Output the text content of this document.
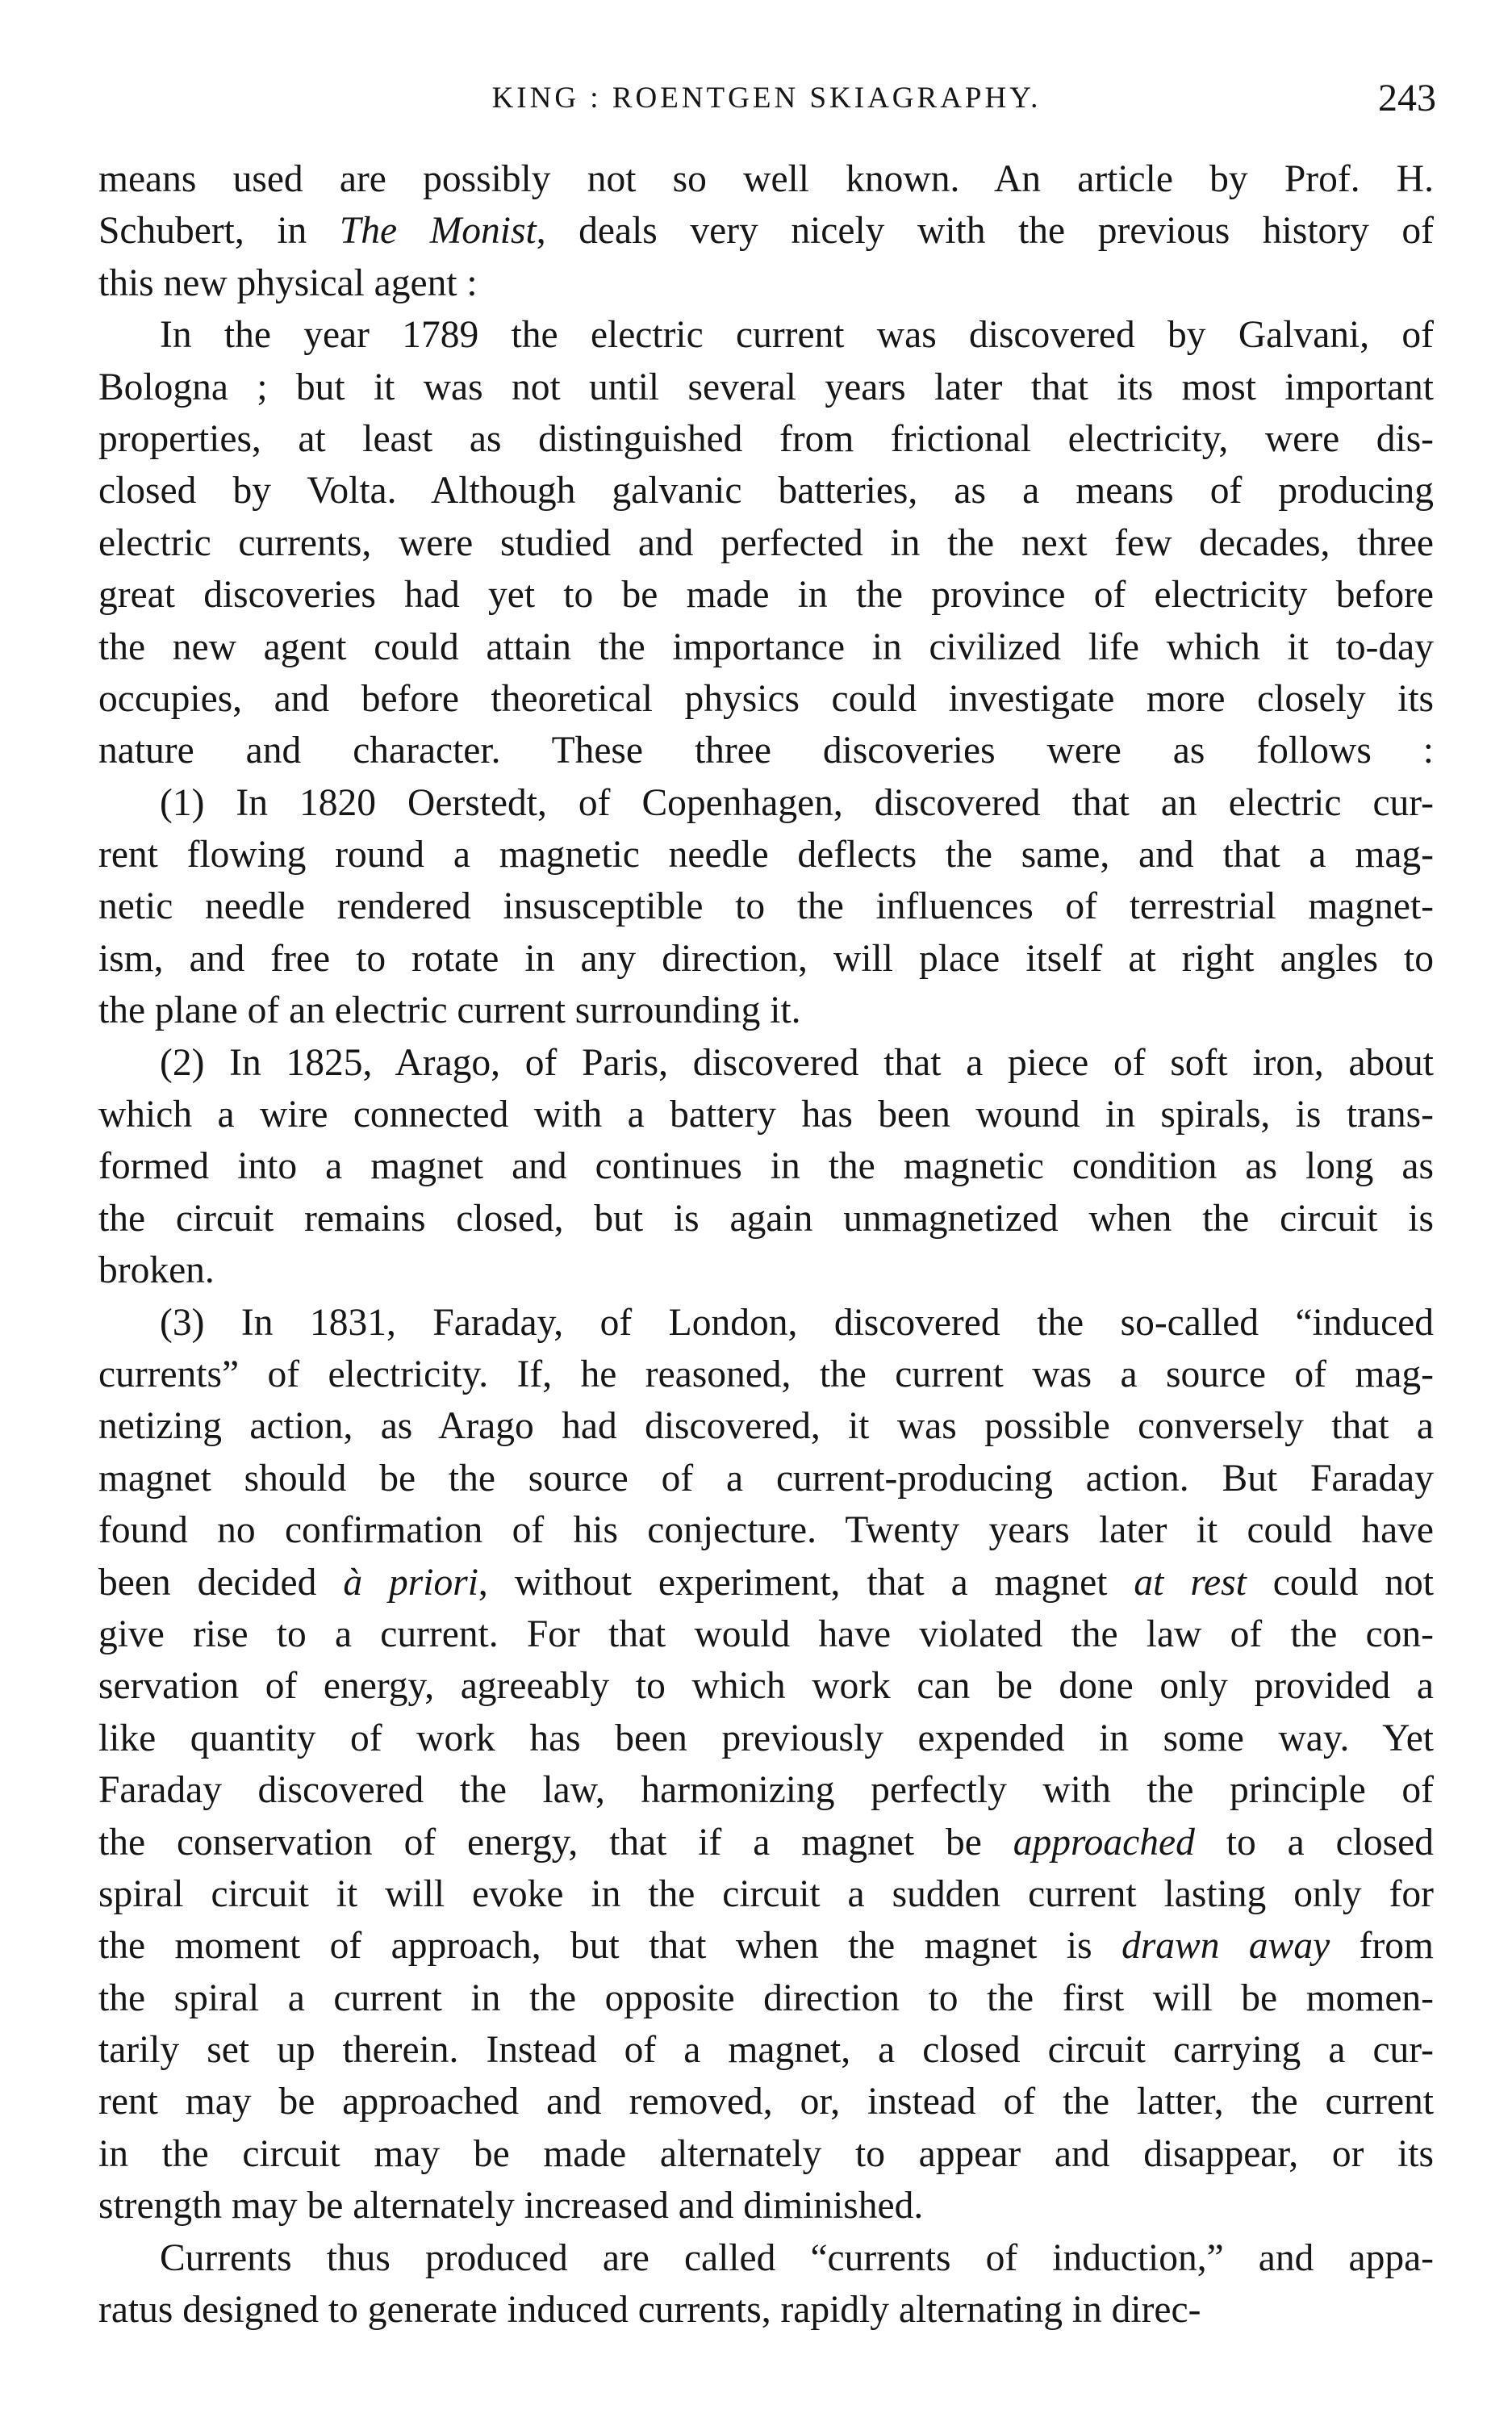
KING : ROENTGEN SKIAGRAPHY.	243
means used are possibly not so well known. An article by Prof. H.
Schubert, in The Monist, deals very nicely with the previous history of
this new physical agent :
In the year 1789 the electric current was discovered by Galvani, of
Bologna ; but it was not until several years later that its most important
properties, at least as distinguished from frictional electricity, were dis-
closed by Volta. Although galvanic batteries, as a means of producing
electric currents, were studied and perfected in the next few decades, three
great discoveries had yet to be made in the province of electricity before
the new agent could attain the importance in civilized life which it to-day
occupies, and before theoretical physics could investigate more closely its
nature and character. These three discoveries were as follows :
(1) In 1820 Oerstedt, of Copenhagen, discovered that an electric cur-
rent flowing round a magnetic needle deflects the same, and that a mag-
netic needle rendered insusceptible to the influences of terrestrial magnet-
ism, and free to rotate in any direction, will place itself at right angles to
the plane of an electric current surrounding it.
(2) In 1825, Arago, of Paris, discovered that a piece of soft iron, about
which a wire connected with a battery has been wound in spirals, is trans-
formed into a magnet and continues in the magnetic condition as long as
the circuit remains closed, but is again unmagnetized when the circuit is
broken.
(3) In 1831, Faraday, of London, discovered the so-called “induced
currents” of electricity. If, he reasoned, the current was a source of mag-
netizing action, as Arago had discovered, it was possible conversely that a
magnet should be the source of a current-producing action. But Faraday
found no confirmation of his conjecture. Twenty years later it could have
been decided à priori, without experiment, that a magnet at rest could not
give rise to a current. For that would have violated the law of the con-
servation of energy, agreeably to which work can be done only provided a
like quantity of work has been previously expended in some way. Yet
Faraday discovered the law, harmonizing perfectly with the principle of
the conservation of energy, that if a magnet be approached to a closed
spiral circuit it will evoke in the circuit a sudden current lasting only for
the moment of approach, but that when the magnet is drawn away from
the spiral a current in the opposite direction to the first will be momen-
tarily set up therein. Instead of a magnet, a closed circuit carrying a cur-
rent may be approached and removed, or, instead of the latter, the current
in the circuit may be made alternately to appear and disappear, or its
strength may be alternately increased and diminished.
Currents thus produced are called “currents of induction,” and appa-
ratus designed to generate induced currents, rapidly alternating in direc-
